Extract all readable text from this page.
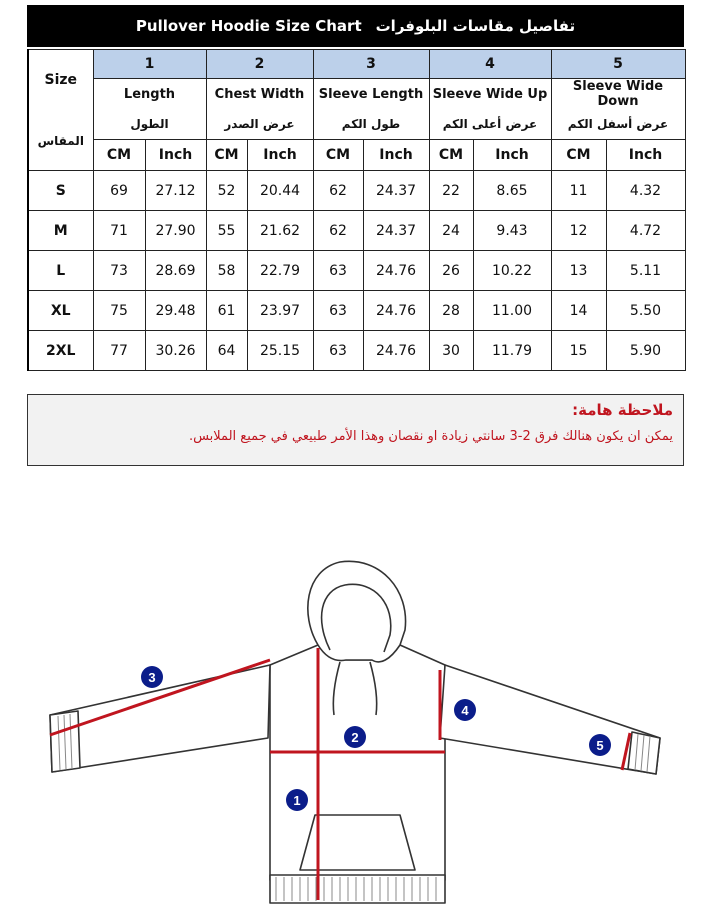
Pullover Hoodie Size Chart تفاصيل مقاسات البلوفرات
Size
المقاس	1		2		3		4		5	
	Length		Chest Width		Sleeve Length		Sleeve Wide Up		Sleeve Wide Down	
	الطول		عرض الصدر		طول الكم		عرض أعلى الكم		عرض أسفل الكم	
	CM	Inch	CM	Inch	CM	Inch	CM	Inch	CM	Inch
S	69	27.12	52	20.44	62	24.37	22	8.65	11	4.32
M	71	27.90	55	21.62	62	24.37	24	9.43	12	4.72
L	73	28.69	58	22.79	63	24.76	26	10.22	13	5.11
XL	75	29.48	61	23.97	63	24.76	28	11.00	14	5.50
2XL	77	30.26	64	25.15	63	24.76	30	11.79	15	5.90
ملاحظة هامة:
يمكن ان يكون هنالك فرق 2-3 سانتي زيادة او نقصان وهذا الأمر طبيعي في جميع الملابس.
1
2
3
4
5
